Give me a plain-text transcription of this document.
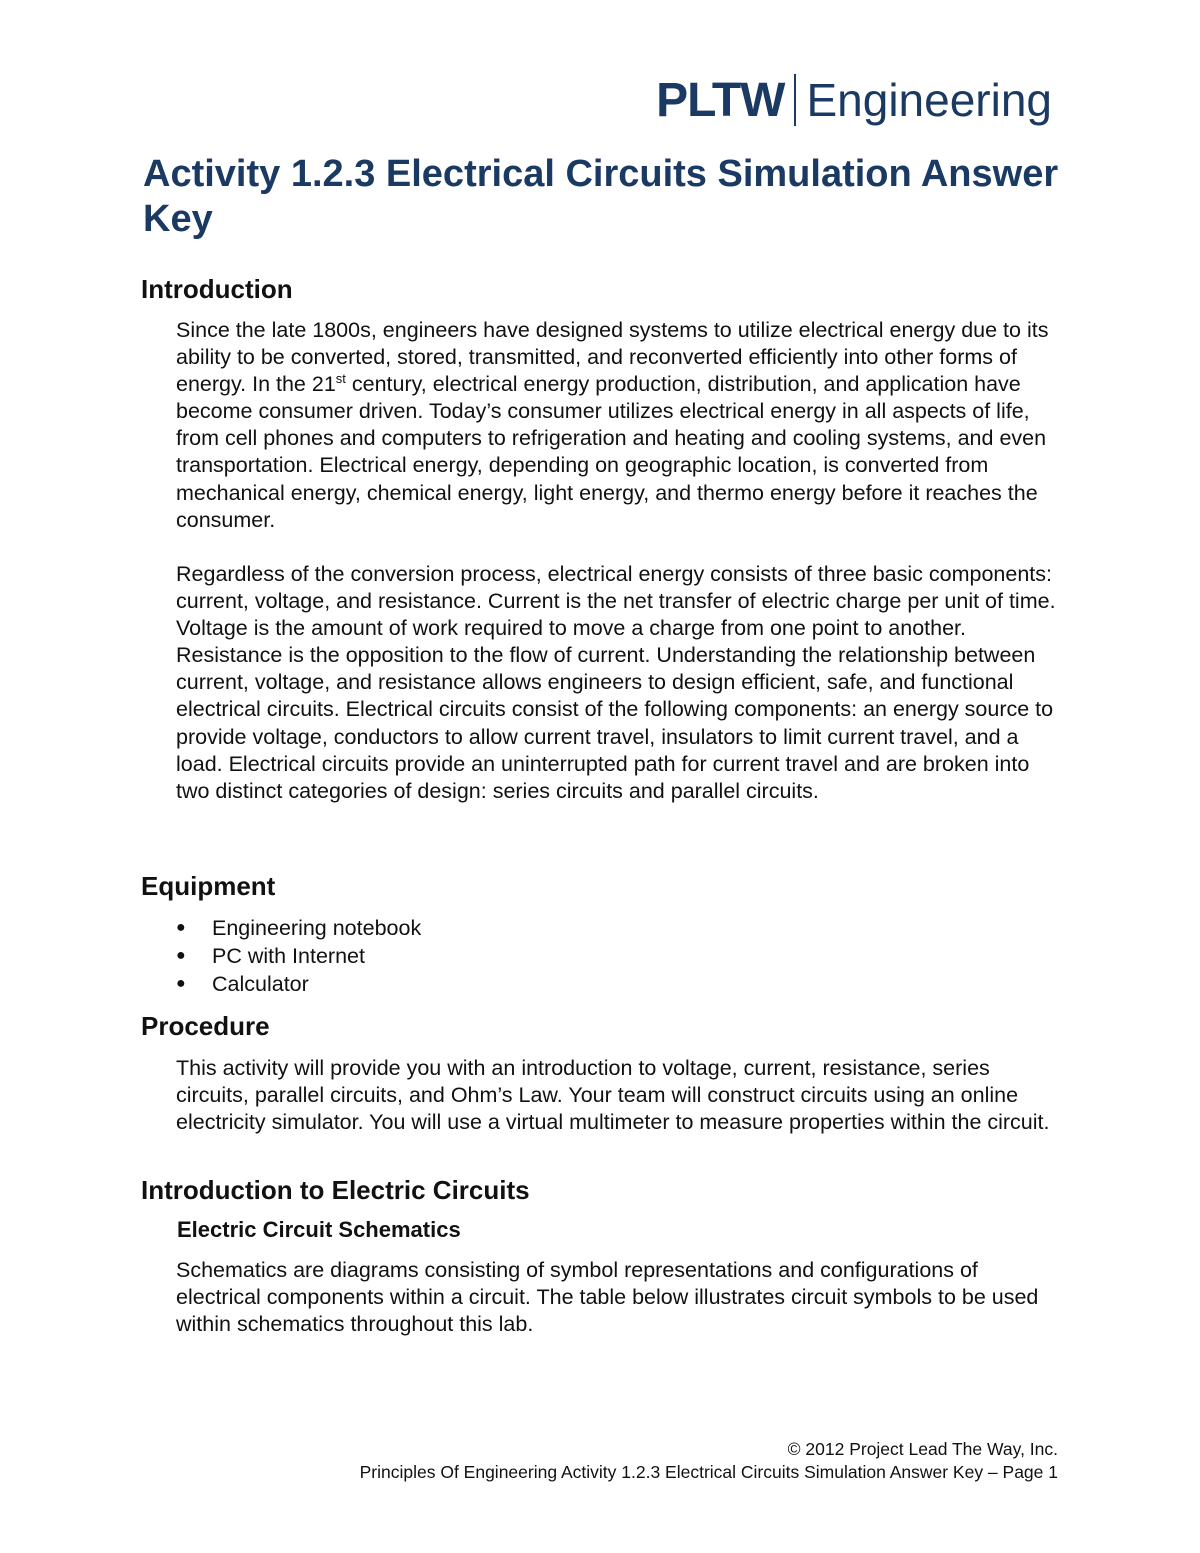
PLTW Engineering
Activity 1.2.3 Electrical Circuits Simulation Answer Key
Introduction

Since the late 1800s, engineers have designed systems to utilize electrical energy due to its ability to be converted, stored, transmitted, and reconverted efficiently into other forms of energy. In the 21st century, electrical energy production, distribution, and application have become consumer driven. Today’s consumer utilizes electrical energy in all aspects of life, from cell phones and computers to refrigeration and heating and cooling systems, and even transportation. Electrical energy, depending on geographic location, is converted from mechanical energy, chemical energy, light energy, and thermo energy before it reaches the consumer.

Regardless of the conversion process, electrical energy consists of three basic components: current, voltage, and resistance. Current is the net transfer of electric charge per unit of time. Voltage is the amount of work required to move a charge from one point to another. Resistance is the opposition to the flow of current. Understanding the relationship between current, voltage, and resistance allows engineers to design efficient, safe, and functional electrical circuits. Electrical circuits consist of the following components: an energy source to provide voltage, conductors to allow current travel, insulators to limit current travel, and a load. Electrical circuits provide an uninterrupted path for current travel and are broken into two distinct categories of design: series circuits and parallel circuits.

Equipment
●	Engineering notebook
●	PC with Internet
●	Calculator
Procedure

This activity will provide you with an introduction to voltage, current, resistance, series circuits, parallel circuits, and Ohm’s Law. Your team will construct circuits using an online electricity simulator. You will use a virtual multimeter to measure properties within the circuit.

Introduction to Electric Circuits
Electric Circuit Schematics

Schematics are diagrams consisting of symbol representations and configurations of electrical components within a circuit. The table below illustrates circuit symbols to be used within schematics throughout this lab.

© 2012 Project Lead The Way, Inc.
Principles Of Engineering Activity 1.2.3 Electrical Circuits Simulation Answer Key – Page 1
